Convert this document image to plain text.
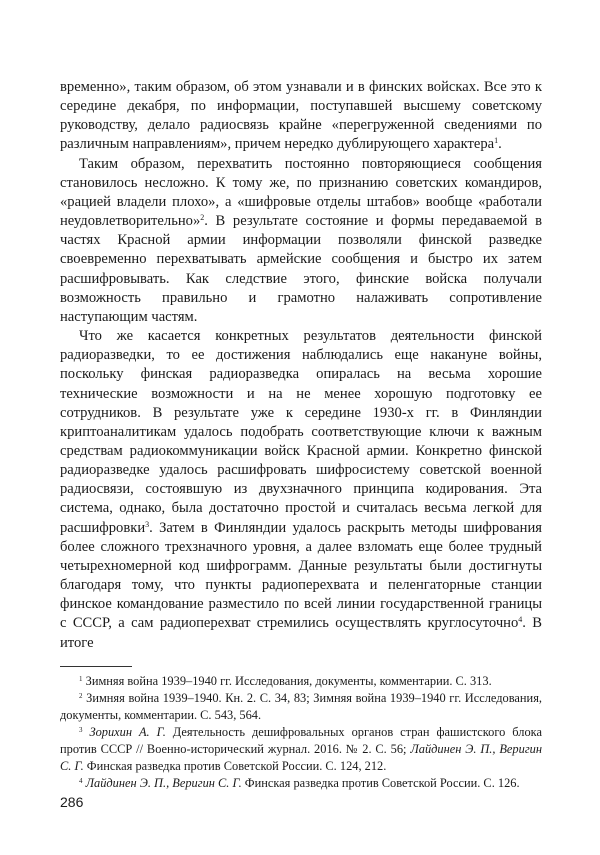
временно», таким образом, об этом узнавали и в финских войсках. Все это к середине декабря, по информации, поступавшей высшему советскому руководству, делало радиосвязь крайне «перегруженной сведениями по различным направлениям», причем нередко дублирующего характера$^1$.

Таким образом, перехватить постоянно повторяющиеся сообщения становилось несложно. К тому же, по признанию советских командиров, «рацией владели плохо», а «шифровые отделы штабов» вообще «работали неудовлетворительно»$^2$. В результате состояние и формы передаваемой в частях Красной армии информации позволяли финской разведке своевременно перехватывать армейские сообщения и быстро их затем расшифровывать. Как следствие этого, финские войска получали возможность правильно и грамотно налаживать сопротивление наступающим частям.

Что же касается конкретных результатов деятельности финской радиоразведки, то ее достижения наблюдались еще накануне войны, поскольку финская радиоразведка опиралась на весьма хорошие технические возможности и на не менее хорошую подготовку ее сотрудников. В результате уже к середине 1930-х гг. в Финляндии криптоаналитикам удалось подобрать соответствующие ключи к важным средствам радиокоммуникации войск Красной армии. Конкретно финской радиоразведке удалось расшифровать шифросистему советской военной радиосвязи, состоявшую из двухзначного принципа кодирования. Эта система, однако, была достаточно простой и считалась весьма легкой для расшифровки$^3$. Затем в Финляндии удалось раскрыть методы шифрования более сложного трехзначного уровня, а далее взломать еще более трудный четырехномерной код шифрограмм. Данные результаты были достигнуты благодаря тому, что пункты радиоперехвата и пеленгаторные станции финское командование разместило по всей линии государственной границы с СССР, а сам радиоперехват стремились осуществлять круглосуточно$^4$. В итоге

$^1$ Зимняя война 1939–1940 гг. Исследования, документы, комментарии. С. 313.

$^2$ Зимняя война 1939–1940. Кн. 2. С. 34, 83; Зимняя война 1939–1940 гг. Исследования, документы, комментарии. С. 543, 564.

$^3$ Зорихин А. Г. Деятельность дешифровальных органов стран фашистского блока против СССР // Военно-исторический журнал. 2016. № 2. С. 56; Лайдинен Э. П., Веригин С. Г. Финская разведка против Советской России. С. 124, 212.

$^4$ Лайдинен Э. П., Веригин С. Г. Финская разведка против Советской России. С. 126.

286
